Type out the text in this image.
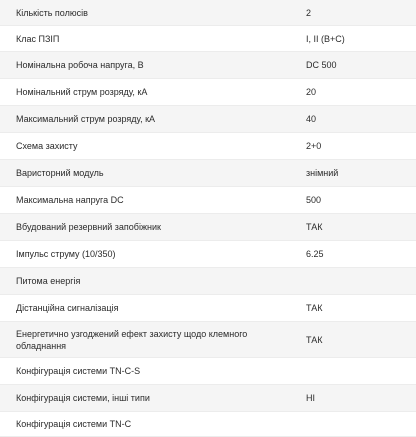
Кількість полюсів	2
Клас ПЗІП	I, II (B+C)
Номінальна робоча напруга, В	DC 500
Номінальний струм розряду, кА	20
Максимальний струм розряду, кА	40
Схема захисту	2+0
Варисторний модуль	знімний
Максимальна напруга DC	500
Вбудований резервний запобіжник	ТАК
Імпульс струму (10/350)	6.25
Питома енергія	
Дістанційна сигналізація	ТАК
Енергетично узгоджений ефект захисту щодо клемного обладнання	ТАК
Конфігурація системи TN-C-S	
Конфігурація системи, інші типи	НІ
Конфігурація системи TN-C	
